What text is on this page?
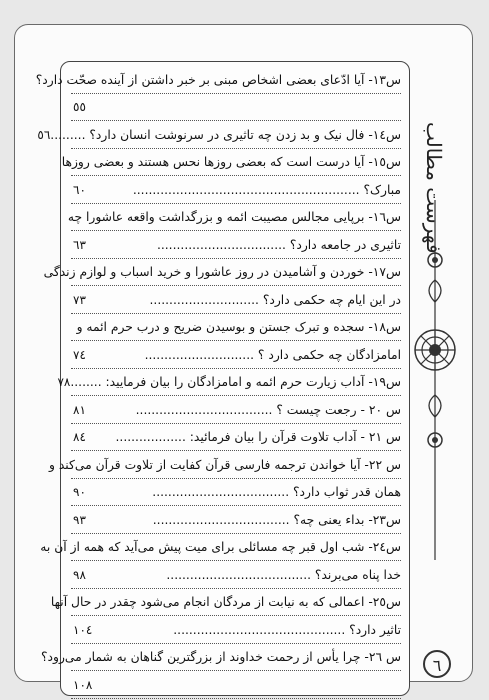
س۱۳- آیا ادّعای بعضی اشخاص مبنی بر خبر داشتن از آینده صحّت دارد؟
٥٥
س۱٤- فال نیک و بد زدن چه تاثیری در سرنوشت انسان دارد؟ .........
٥٦
س۱٥- آیا درست است که بعضی روزها نحس هستند و بعضی روزها
مبارک؟ ..........................................................
٦٠
س۱٦- برپایی مجالس مصیبت ائمه و بزرگداشت واقعه عاشورا چه
تاثیری در جامعه دارد؟ .................................
٦٣
س۱۷- خوردن و آشامیدن در روز عاشورا و خرید اسباب و لوازم زندگی
در این ایام چه حکمی دارد؟ ............................
٧٣
س۱۸- سجده و تبرک جستن و بوسیدن ضریح و درب حرم ائمه و
امامزادگان چه حکمی دارد ؟ ............................
٧٤
س۱۹- آداب زیارت حرم ائمه و امامزادگان را بیان فرمایید: ........
٧٨
س ۲۰ - رجعت چیست ؟ ...................................
٨١
س ۲۱ - آداب تلاوت قرآن را بیان فرمائید: ..................
٨٤
س ۲۲- آیا خواندن ترجمه فارسی قرآن کفایت از تلاوت قرآن می‌کند و
همان قدر ثواب دارد؟ ...................................
٩٠
س۲۳- بداء یعنی چه؟ ...................................
٩٣
س۲٤- شب اول قبر چه مسائلی برای میت پیش می‌آید که همه از آن به
خدا پناه می‌برند؟ .....................................
٩٨
س۲٥- اعمالی که به نیابت از مردگان انجام می‌شود چقدر در حال آنها
تاثیر دارد؟ ............................................
١٠٤
س ۲٦- چرا یأس از رحمت خداوند از بزرگترین گناهان به شمار می‌رود؟
١٠٨
فهرست مطالب
٦
